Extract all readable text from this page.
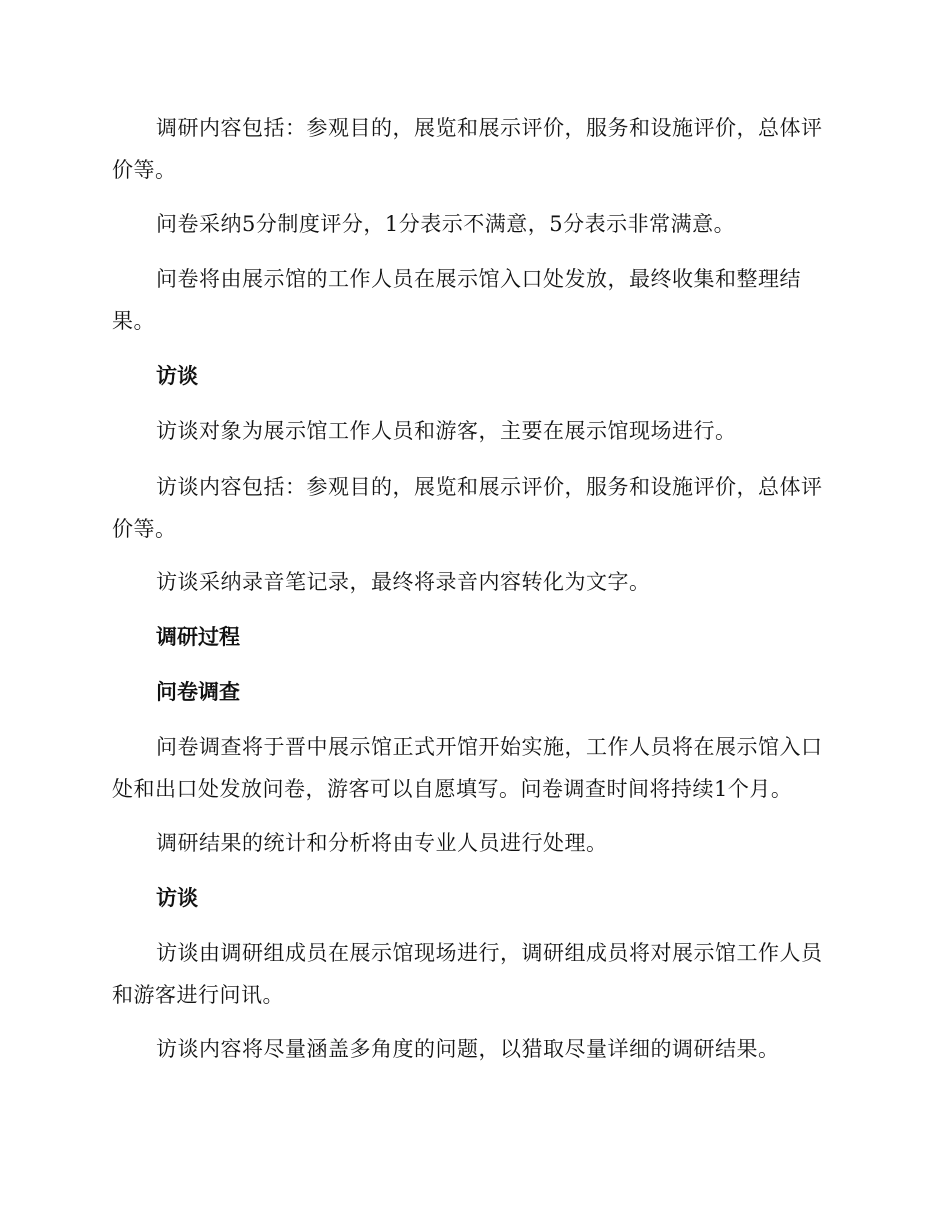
调研内容包括：参观目的，展览和展示评价，服务和设施评价，总体评价等。

问卷采纳5分制度评分，1分表示不满意，5分表示非常满意。

问卷将由展示馆的工作人员在展示馆入口处发放，最终收集和整理结果。

访谈

访谈对象为展示馆工作人员和游客，主要在展示馆现场进行。

访谈内容包括：参观目的，展览和展示评价，服务和设施评价，总体评价等。

访谈采纳录音笔记录，最终将录音内容转化为文字。

调研过程

问卷调查

问卷调查将于晋中展示馆正式开馆开始实施，工作人员将在展示馆入口处和出口处发放问卷，游客可以自愿填写。问卷调查时间将持续1个月。

调研结果的统计和分析将由专业人员进行处理。

访谈

访谈由调研组成员在展示馆现场进行，调研组成员将对展示馆工作人员和游客进行问讯。

访谈内容将尽量涵盖多角度的问题，以猎取尽量详细的调研结果。
